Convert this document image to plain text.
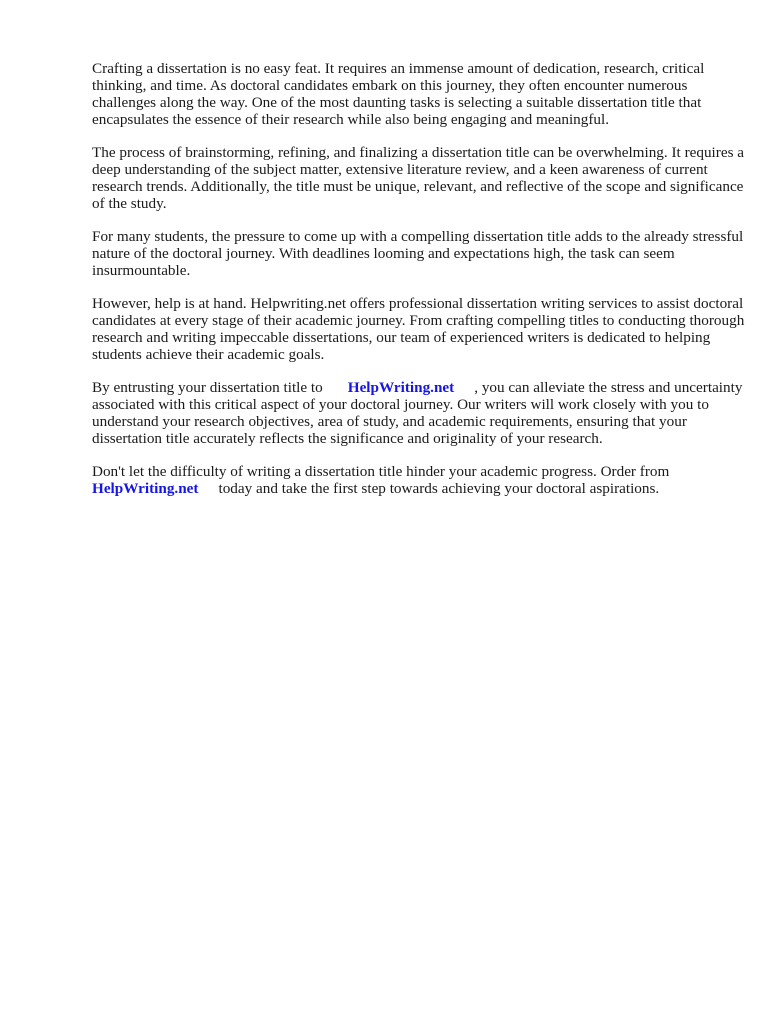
Crafting a dissertation is no easy feat. It requires an immense amount of dedication, research, critical thinking, and time. As doctoral candidates embark on this journey, they often encounter numerous challenges along the way. One of the most daunting tasks is selecting a suitable dissertation title that encapsulates the essence of their research while also being engaging and meaningful.

The process of brainstorming, refining, and finalizing a dissertation title can be overwhelming. It requires a deep understanding of the subject matter, extensive literature review, and a keen awareness of current research trends. Additionally, the title must be unique, relevant, and reflective of the scope and significance of the study.

For many students, the pressure to come up with a compelling dissertation title adds to the already stressful nature of the doctoral journey. With deadlines looming and expectations high, the task can seem insurmountable.

However, help is at hand. Helpwriting.net offers professional dissertation writing services to assist doctoral candidates at every stage of their academic journey. From crafting compelling titles to conducting thorough research and writing impeccable dissertations, our team of experienced writers is dedicated to helping students achieve their academic goals.

By entrusting your dissertation title to HelpWriting.net , you can alleviate the stress and uncertainty associated with this critical aspect of your doctoral journey. Our writers will work closely with you to understand your research objectives, area of study, and academic requirements, ensuring that your dissertation title accurately reflects the significance and originality of your research.

Don't let the difficulty of writing a dissertation title hinder your academic progress. Order from HelpWriting.net today and take the first step towards achieving your doctoral aspirations.
